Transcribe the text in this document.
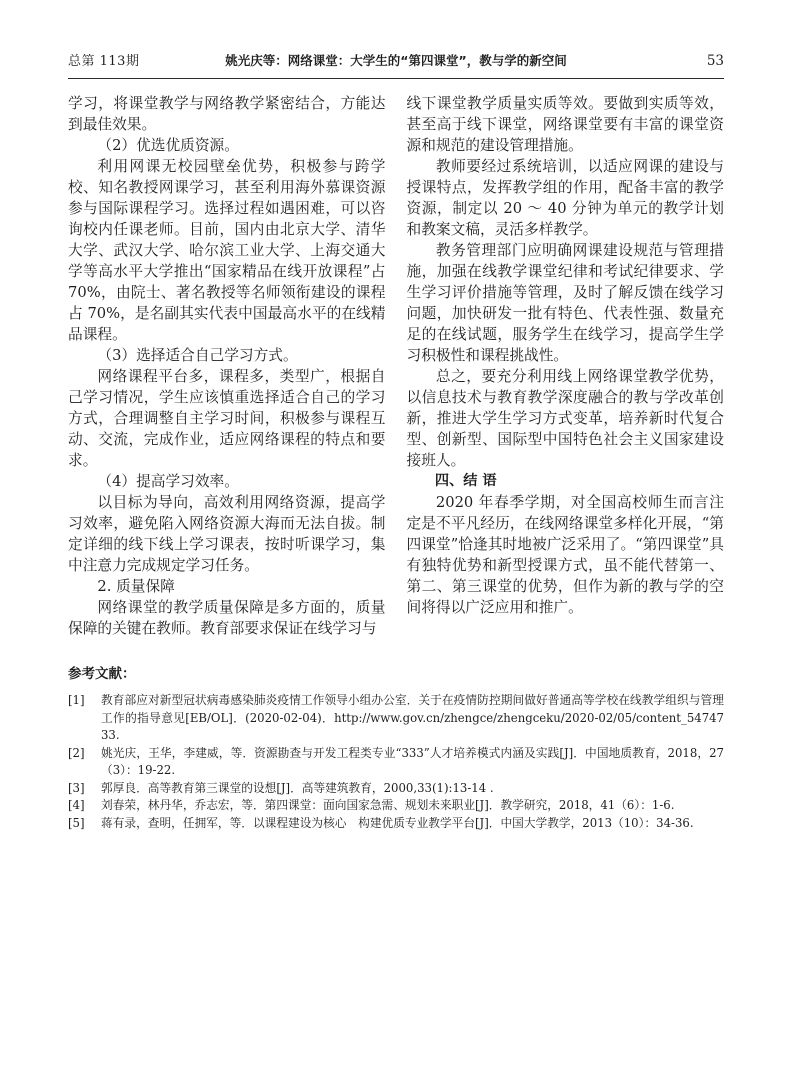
总第 113期	姚光庆等：网络课堂：大学生的“第四课堂”，教与学的新空间	53

学习，将课堂教学与网络教学紧密结合，方能达到最佳效果。

（2）优选优质资源。

利用网课无校园壁垒优势，积极参与跨学校、知名教授网课学习，甚至利用海外慕课资源参与国际课程学习。选择过程如遇困难，可以咨询校内任课老师。目前，国内由北京大学、清华大学、武汉大学、哈尔滨工业大学、上海交通大学等高水平大学推出“国家精品在线开放课程”占70%，由院士、著名教授等名师领衔建设的课程占 70%，是名副其实代表中国最高水平的在线精品课程。

（3）选择适合自己学习方式。

网络课程平台多，课程多，类型广，根据自己学习情况，学生应该慎重选择适合自己的学习方式，合理调整自主学习时间，积极参与课程互动、交流，完成作业，适应网络课程的特点和要求。

（4）提高学习效率。

以目标为导向，高效利用网络资源，提高学习效率，避免陷入网络资源大海而无法自拔。制定详细的线下线上学习课表，按时听课学习，集中注意力完成规定学习任务。

2. 质量保障

网络课堂的教学质量保障是多方面的，质量保障的关键在教师。教育部要求保证在线学习与

线下课堂教学质量实质等效。要做到实质等效，甚至高于线下课堂，网络课堂要有丰富的课堂资源和规范的建设管理措施。

教师要经过系统培训，以适应网课的建设与授课特点，发挥教学组的作用，配备丰富的教学资源，制定以 20 ～ 40 分钟为单元的教学计划和教案文稿，灵活多样教学。

教务管理部门应明确网课建设规范与管理措施，加强在线教学课堂纪律和考试纪律要求、学生学习评价措施等管理，及时了解反馈在线学习问题，加快研发一批有特色、代表性强、数量充足的在线试题，服务学生在线学习，提高学生学习积极性和课程挑战性。

总之，要充分利用线上网络课堂教学优势，以信息技术与教育教学深度融合的教与学改革创新，推进大学生学习方式变革，培养新时代复合型、创新型、国际型中国特色社会主义国家建设接班人。

四、结 语

2020 年春季学期，对全国高校师生而言注定是不平凡经历，在线网络课堂多样化开展，“第四课堂”恰逢其时地被广泛采用了。“第四课堂”具有独特优势和新型授课方式，虽不能代替第一、第二、第三课堂的优势，但作为新的教与学的空间将得以广泛应用和推广。

参考文献：

[1]	教育部应对新型冠状病毒感染肺炎疫情工作领导小组办公室．关于在疫情防控期间做好普通高等学校在线教学组织与管理工作的指导意见[EB/OL]．(2020-02-04)．http://www.gov.cn/zhengce/zhengceku/2020-02/05/content_5474733.
[2]	姚光庆，王华，李建威，等．资源勘查与开发工程类专业“333”人才培养模式内涵及实践[J]．中国地质教育，2018，27（3）：19-22.
[3]	郭厚良．高等教育第三课堂的设想[J]．高等建筑教育，2000,33(1):13-14 .
[4]	刘春荣，林丹华，乔志宏，等．第四课堂：面向国家急需、规划未来职业[J]．教学研究，2018，41（6）：1-6.
[5]	蒋有录，查明，任拥军，等．以课程建设为核心　构建优质专业教学平台[J]．中国大学教学，2013（10）：34-36.
